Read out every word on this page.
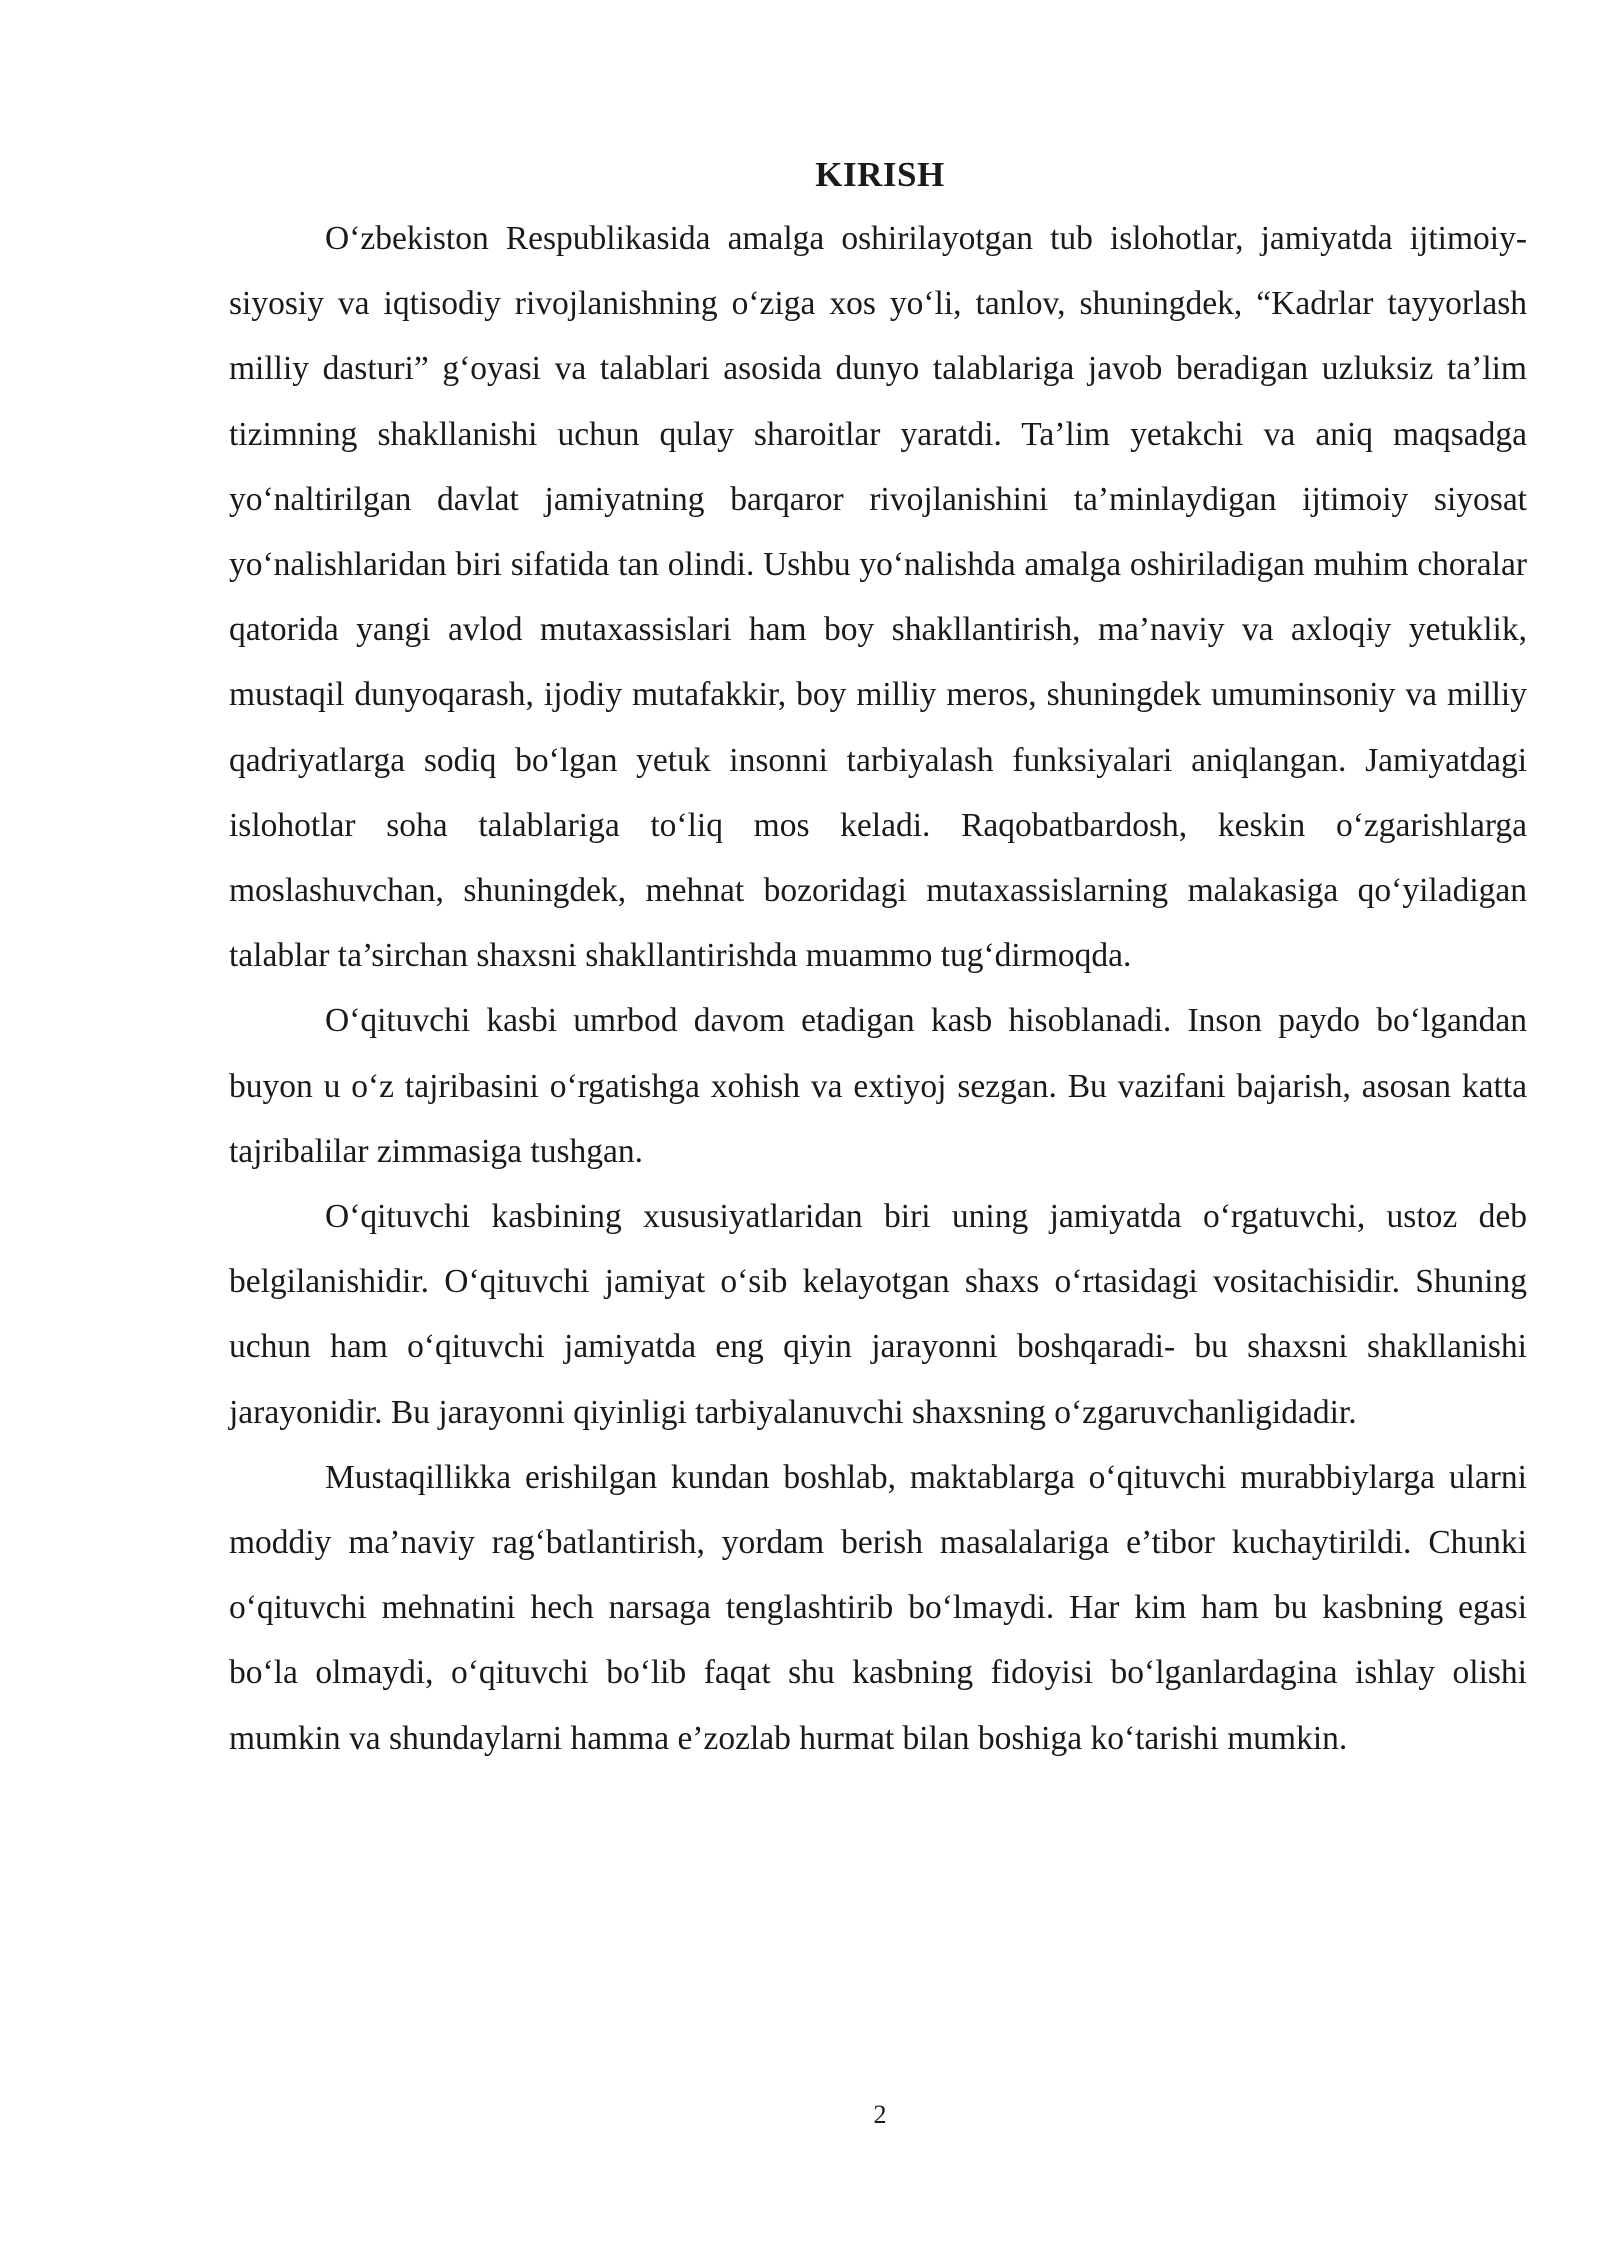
KIRISH

O‘zbekiston Respublikasida amalga oshirilayotgan tub islohotlar, jamiyatda ijtimoiy-siyosiy va iqtisodiy rivojlanishning o‘ziga xos yo‘li, tanlov, shuningdek, “Kadrlar tayyorlash milliy dasturi” g‘oyasi va talablari asosida dunyo talablariga javob beradigan uzluksiz ta’lim tizimning shakllanishi uchun qulay sharoitlar yaratdi. Ta’lim yetakchi va aniq maqsadga yo‘naltirilgan davlat jamiyatning barqaror rivojlanishini ta’minlaydigan ijtimoiy siyosat yo‘nalishlaridan biri sifatida tan olindi. Ushbu yo‘nalishda amalga oshiriladigan muhim choralar qatorida yangi avlod mutaxassislari ham boy shakllantirish, ma’naviy va axloqiy yetuklik, mustaqil dunyoqarash, ijodiy mutafakkir, boy milliy meros, shuningdek umuminsoniy va milliy qadriyatlarga sodiq bo‘lgan yetuk insonni tarbiyalash funksiyalari aniqlangan. Jamiyatdagi islohotlar soha talablariga to‘liq mos keladi. Raqobatbardosh, keskin o‘zgarishlarga moslashuvchan, shuningdek, mehnat bozoridagi mutaxassislarning malakasiga qo‘yiladigan talablar ta’sirchan shaxsni shakllantirishda muammo tug‘dirmoqda.

O‘qituvchi kasbi umrbod davom etadigan kasb hisoblanadi. Inson paydo bo‘lgandan buyon u o‘z tajribasini o‘rgatishga xohish va extiyoj sezgan. Bu vazifani bajarish, asosan katta tajribalilar zimmasiga tushgan.

O‘qituvchi kasbining xususiyatlaridan biri uning jamiyatda o‘rgatuvchi, ustoz deb belgilanishidir. O‘qituvchi jamiyat o‘sib kelayotgan shaxs o‘rtasidagi vositachisidir. Shuning uchun ham o‘qituvchi jamiyatda eng qiyin jarayonni boshqaradi- bu shaxsni shakllanishi jarayonidir. Bu jarayonni qiyinligi tarbiyalanuvchi shaxsning o‘zgaruvchanligidadir.

Mustaqillikka erishilgan kundan boshlab, maktablarga o‘qituvchi murabbiylarga ularni moddiy ma’naviy rag‘batlantirish, yordam berish masalalariga e’tibor kuchaytirildi. Chunki o‘qituvchi mehnatini hech narsaga tenglashtirib bo‘lmaydi. Har kim ham bu kasbning egasi bo‘la olmaydi, o‘qituvchi bo‘lib faqat shu kasbning fidoyisi bo‘lganlardagina ishlay olishi mumkin va shundaylarni hamma e’zozlab hurmat bilan boshiga ko‘tarishi mumkin.

2
